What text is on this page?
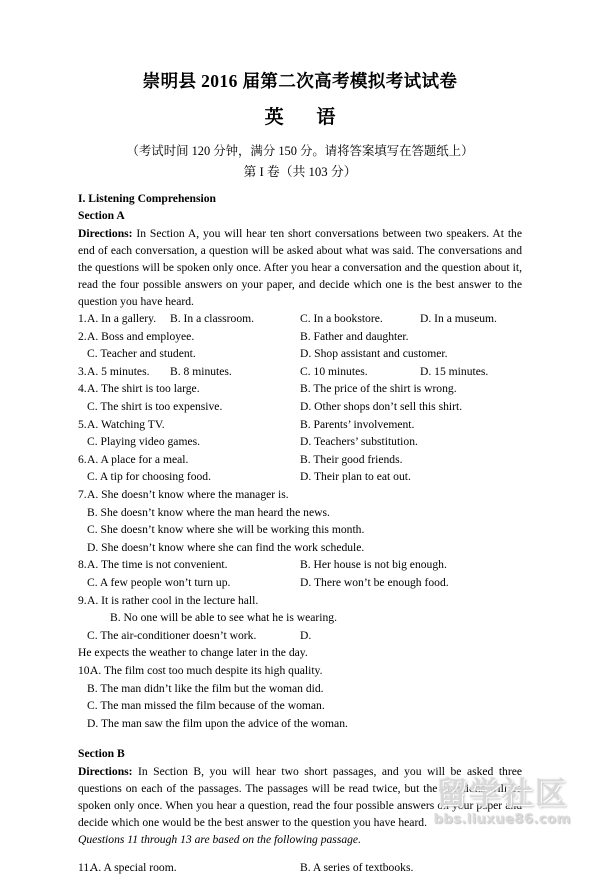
崇明县 2016 届第二次高考模拟考试试卷
英 语

（考试时间 120 分钟，满分 150 分。请将答案填写在答题纸上）

第 I 卷（共 103 分）

I. Listening Comprehension

Section A

Directions: In Section A, you will hear ten short conversations between two speakers. At the end of each conversation, a question will be asked about what was said. The conversations and the questions will be spoken only once. After you hear a conversation and the question about it, read the four possible answers on your paper, and decide which one is the best answer to the question you have heard.

1. A. In a gallery. B. In a classroom.	C. In a bookstore.	D. In a museum.
2. A. Boss and employee.	B. Father and daughter.
C. Teacher and student.	D. Shop assistant and customer.
3. A. 5 minutes. B. 8 minutes.	C. 10 minutes.	D. 15 minutes.
4. A. The shirt is too large.	B. The price of the shirt is wrong.
C. The shirt is too expensive.	D. Other shops don’t sell this shirt.
5. A. Watching TV.	B. Parents’ involvement.
C. Playing video games.	D. Teachers’ substitution.
6. A. A place for a meal.	B. Their good friends.
C. A tip for choosing food.	D. Their plan to eat out.
7. A. She doesn’t know where the manager is.
B. She doesn’t know where the man heard the news.
C. She doesn’t know where she will be working this month.
D. She doesn’t know where she can find the work schedule.
8. A. The time is not convenient.	B. Her house is not big enough.
C. A few people won’t turn up.	D. There won’t be enough food.
9. A. It is rather cool in the lecture hall.
B. No one will be able to see what he is wearing.
C. The air-conditioner doesn’t work.	D.
He expects the weather to change later in the day.
10.
A. The film cost too much despite its high quality.
B. The man didn’t like the film but the woman did.
C. The man missed the film because of the woman.
D. The man saw the film upon the advice of the woman.

Section B

Directions: In Section B, you will hear two short passages, and you will be asked three questions on each of the passages. The passages will be read twice, but the questions will be spoken only once. When you hear a question, read the four possible answers on your paper and decide which one would be the best answer to the question you have heard.

Questions 11 through 13 are based on the following passage.

11.
A. A special room.	B. A series of textbooks.
留学社区
bbs.liuxue86.com
